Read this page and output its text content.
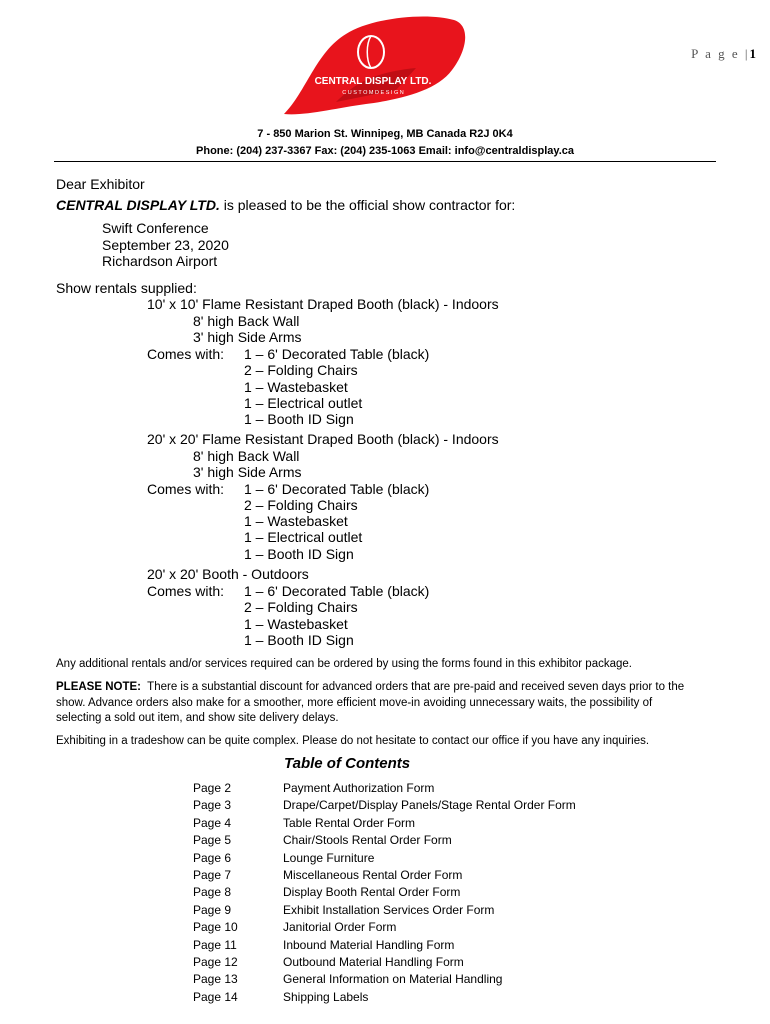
P a g e |1
CENTRAL DISPLAY LTD.
C U S T O M D E S I G N
7 - 850 Marion St. Winnipeg, MB Canada R2J 0K4
Phone: (204) 237-3367 Fax: (204) 235-1063 Email: info@centraldisplay.ca
Dear Exhibitor
CENTRAL DISPLAY LTD. is pleased to be the official show contractor for:
Swift Conference
September 23, 2020
Richardson Airport
Show rentals supplied:
10' x 10' Flame Resistant Draped Booth (black) - Indoors
8' high Back Wall
3' high Side Arms
Comes with: 1 – 6' Decorated Table (black)
2 – Folding Chairs
1 – Wastebasket
1 – Electrical outlet
1 – Booth ID Sign
20' x 20' Flame Resistant Draped Booth (black) - Indoors
8' high Back Wall
3' high Side Arms
Comes with: 1 – 6' Decorated Table (black)
2 – Folding Chairs
1 – Wastebasket
1 – Electrical outlet
1 – Booth ID Sign
20' x 20' Booth - Outdoors
Comes with: 1 – 6' Decorated Table (black)
2 – Folding Chairs
1 – Wastebasket
1 – Booth ID Sign
Any additional rentals and/or services required can be ordered by using the forms found in this exhibitor package.
PLEASE NOTE:  There is a substantial discount for advanced orders that are pre-paid and received seven days prior to the
show. Advance orders also make for a smoother, more efficient move-in avoiding unnecessary waits, the possibility of
selecting a sold out item, and show site delivery delays.
Exhibiting in a tradeshow can be quite complex. Please do not hesitate to contact our office if you have any inquiries.
Table of Contents
Page 2	Payment Authorization Form
Page 3	Drape/Carpet/Display Panels/Stage Rental Order Form
Page 4	Table Rental Order Form
Page 5	Chair/Stools Rental Order Form
Page 6	Lounge Furniture
Page 7	Miscellaneous Rental Order Form
Page 8	Display Booth Rental Order Form
Page 9	Exhibit Installation Services Order Form
Page 10	Janitorial Order Form
Page 11	Inbound Material Handling Form
Page 12	Outbound Material Handling Form
Page 13	General Information on Material Handling
Page 14	Shipping Labels
